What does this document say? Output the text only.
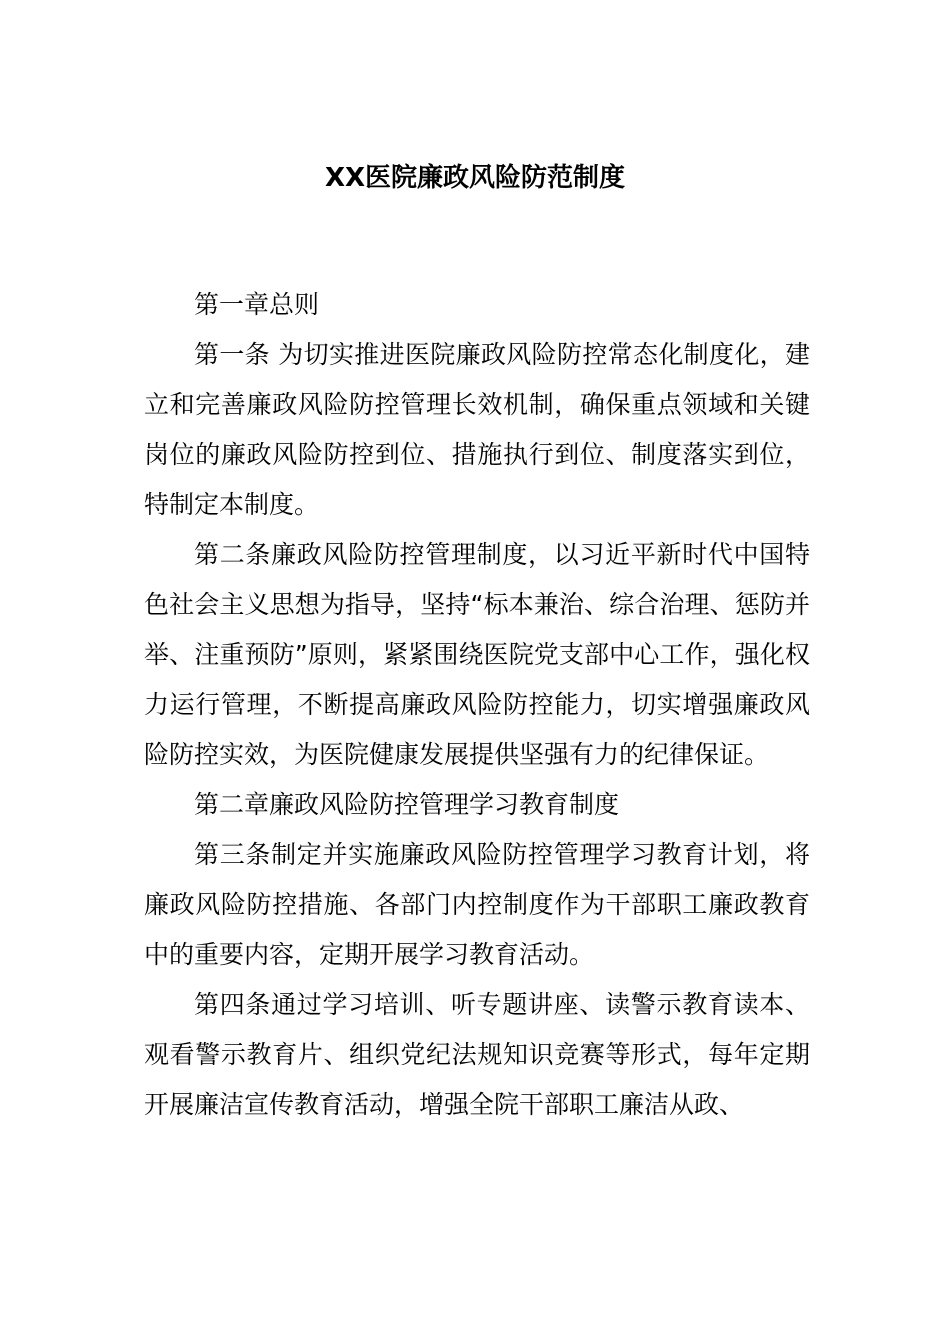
XX医院廉政风险防范制度

第一章总则

第一条 为切实推进医院廉政风险防控常态化制度化，建立和完善廉政风险防控管理长效机制，确保重点领域和关键岗位的廉政风险防控到位、措施执行到位、制度落实到位，特制定本制度。

第二条廉政风险防控管理制度，以习近平新时代中国特色社会主义思想为指导，坚持“标本兼治、综合治理、惩防并举、注重预防”原则，紧紧围绕医院党支部中心工作，强化权力运行管理，不断提高廉政风险防控能力，切实增强廉政风险防控实效，为医院健康发展提供坚强有力的纪律保证。

第二章廉政风险防控管理学习教育制度

第三条制定并实施廉政风险防控管理学习教育计划，将廉政风险防控措施、各部门内控制度作为干部职工廉政教育中的重要内容，定期开展学习教育活动。

第四条通过学习培训、听专题讲座、读警示教育读本、观看警示教育片、组织党纪法规知识竞赛等形式，每年定期开展廉洁宣传教育活动，增强全院干部职工廉洁从政、
